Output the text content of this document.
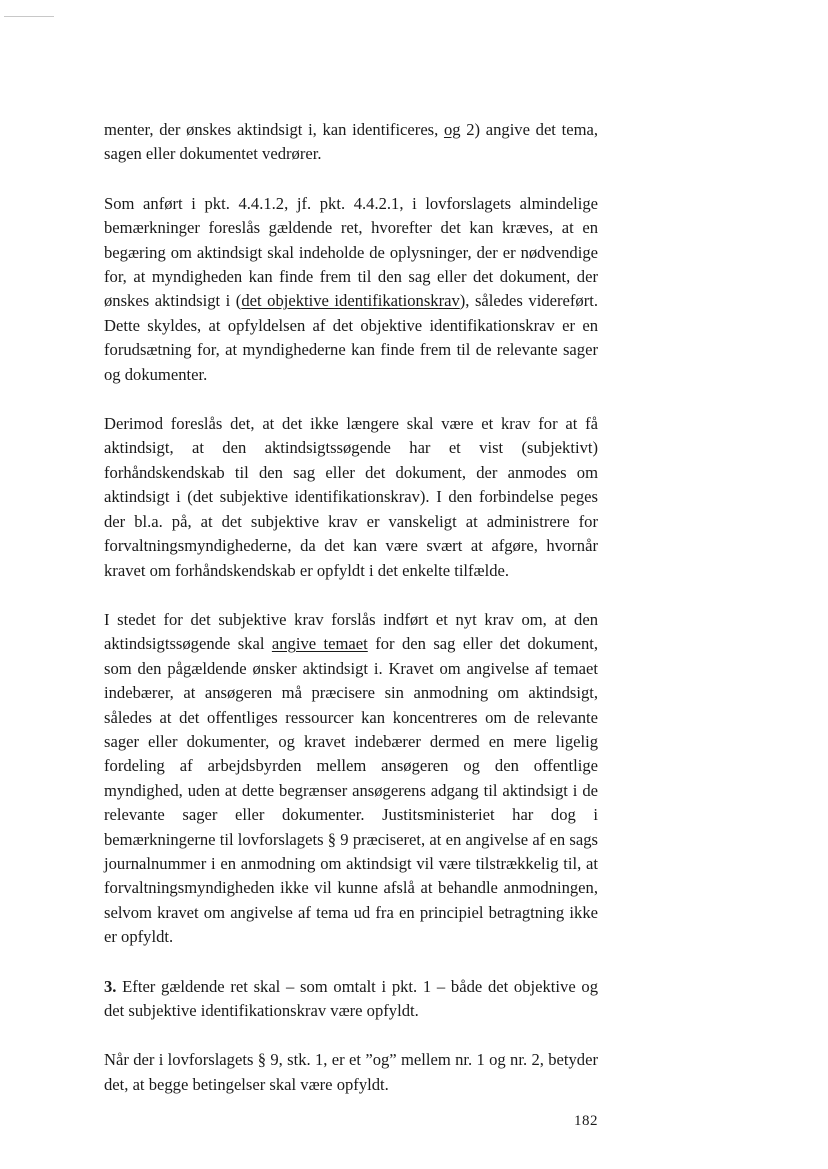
menter, der ønskes aktindsigt i, kan identificeres, og 2) angive det tema, sagen eller dokumentet vedrører.

Som anført i pkt. 4.4.1.2, jf. pkt. 4.4.2.1, i lovforslagets almindelige bemærkninger foreslås gældende ret, hvorefter det kan kræves, at en begæring om aktindsigt skal indeholde de oplysninger, der er nødvendige for, at myndigheden kan finde frem til den sag eller det dokument, der ønskes aktindsigt i (det objektive identifikationskrav), således videreført. Dette skyldes, at opfyldelsen af det objektive identifikationskrav er en forudsætning for, at myndighederne kan finde frem til de relevante sager og dokumenter.

Derimod foreslås det, at det ikke længere skal være et krav for at få aktindsigt, at den aktindsigtssøgende har et vist (subjektivt) forhåndskendskab til den sag eller det dokument, der anmodes om aktindsigt i (det subjektive identifikationskrav). I den forbindelse peges der bl.a. på, at det subjektive krav er vanskeligt at administrere for forvaltningsmyndighederne, da det kan være svært at afgøre, hvornår kravet om forhåndskendskab er opfyldt i det enkelte tilfælde.

I stedet for det subjektive krav forslås indført et nyt krav om, at den aktindsigtssøgende skal angive temaet for den sag eller det dokument, som den pågældende ønsker aktindsigt i. Kravet om angivelse af temaet indebærer, at ansøgeren må præcisere sin anmodning om aktindsigt, således at det offentliges ressourcer kan koncentreres om de relevante sager eller dokumenter, og kravet indebærer dermed en mere ligelig fordeling af arbejdsbyrden mellem ansøgeren og den offentlige myndighed, uden at dette begrænser ansøgerens adgang til aktindsigt i de relevante sager eller dokumenter. Justitsministeriet har dog i bemærkningerne til lovforslagets § 9 præciseret, at en angivelse af en sags journalnummer i en anmodning om aktindsigt vil være tilstrækkelig til, at forvaltningsmyndigheden ikke vil kunne afslå at behandle anmodningen, selvom kravet om angivelse af tema ud fra en principiel betragtning ikke er opfyldt.

3. Efter gældende ret skal – som omtalt i pkt. 1 – både det objektive og det subjektive identifikationskrav være opfyldt.

Når der i lovforslagets § 9, stk. 1, er et ”og” mellem nr. 1 og nr. 2, betyder det, at begge betingelser skal være opfyldt.

182
